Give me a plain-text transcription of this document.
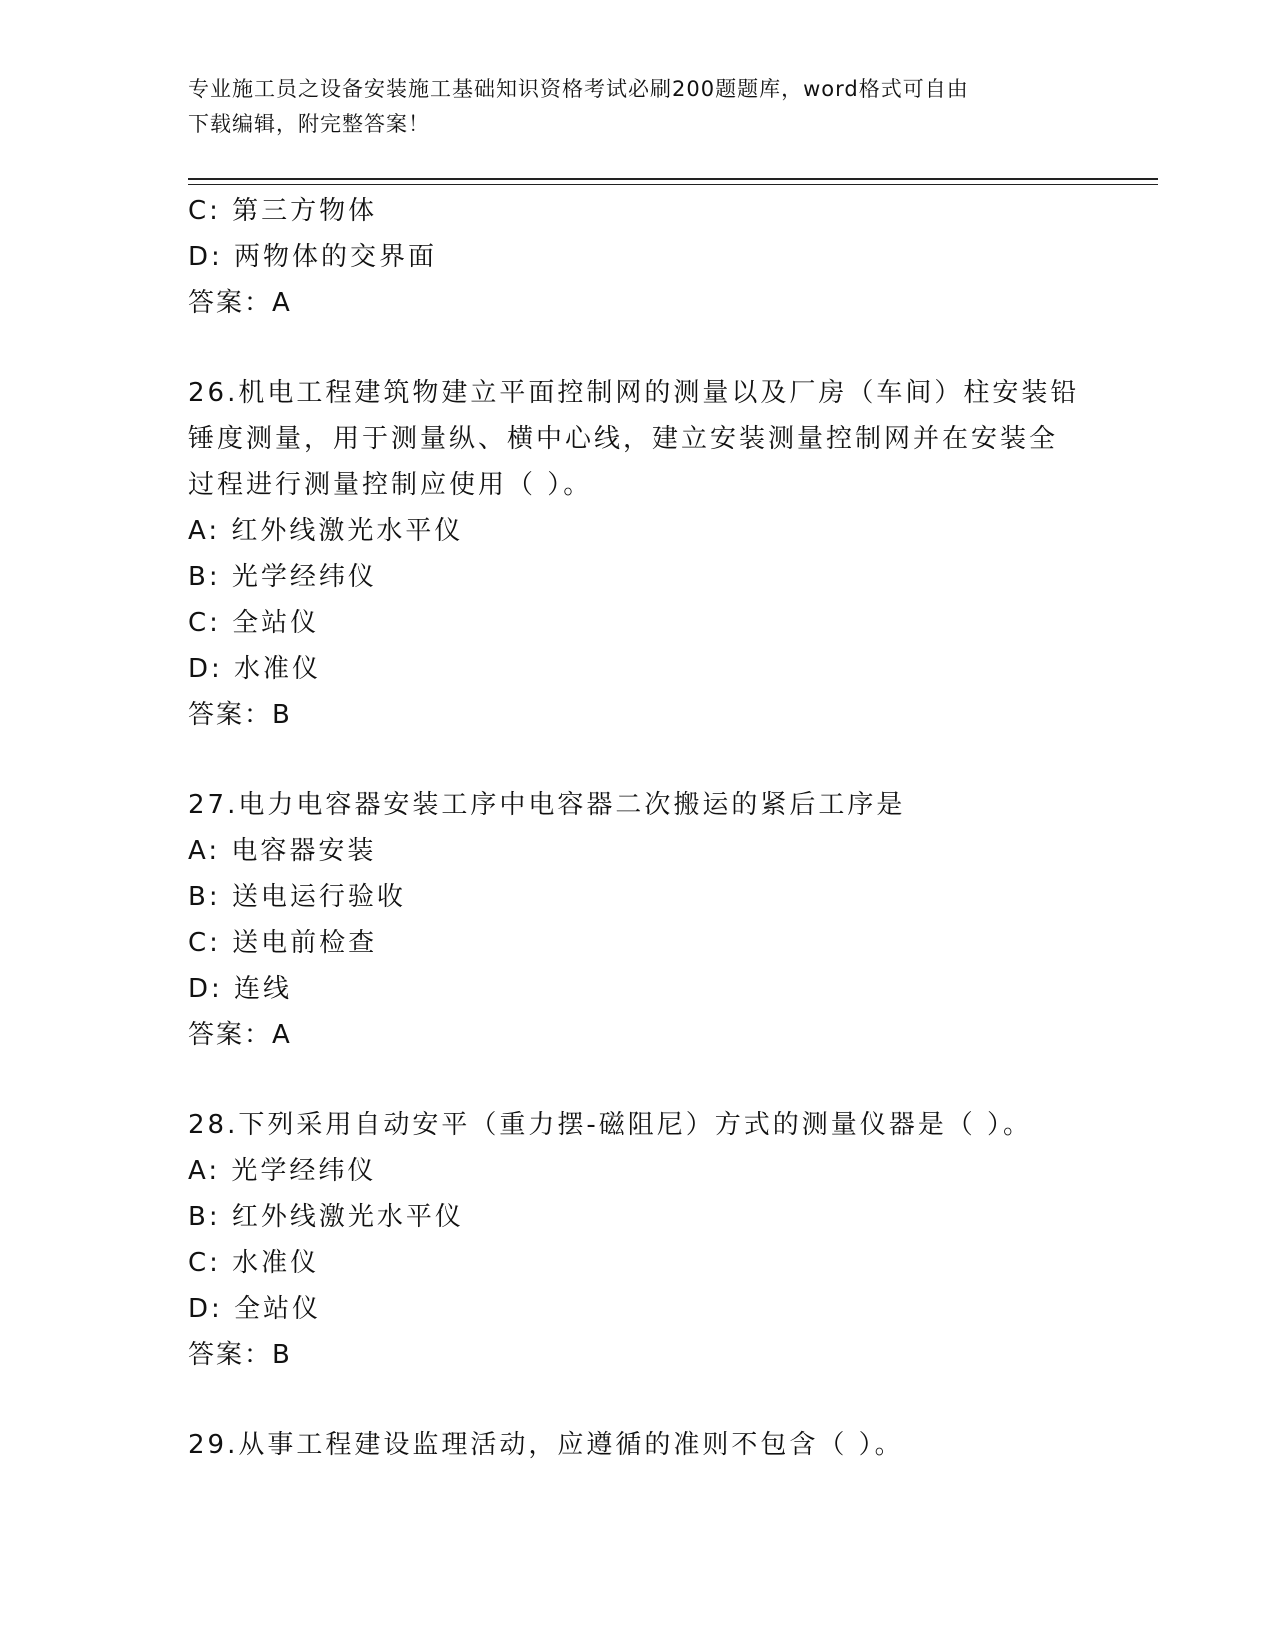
专业施工员之设备安装施工基础知识资格考试必刷200题题库，word格式可自由
下载编辑，附完整答案！
C: 第三方物体
D: 两物体的交界面
答案：A
26.机电工程建筑物建立平面控制网的测量以及厂房（车间）柱安装铅
锤度测量，用于测量纵、横中心线，建立安装测量控制网并在安装全
过程进行测量控制应使用（ ）。
A: 红外线激光水平仪
B: 光学经纬仪
C: 全站仪
D: 水准仪
答案：B
27.电力电容器安装工序中电容器二次搬运的紧后工序是
A: 电容器安装
B: 送电运行验收
C: 送电前检查
D: 连线
答案：A
28.下列采用自动安平（重力摆-磁阻尼）方式的测量仪器是（ ）。
A: 光学经纬仪
B: 红外线激光水平仪
C: 水准仪
D: 全站仪
答案：B
29.从事工程建设监理活动，应遵循的准则不包含（ ）。
